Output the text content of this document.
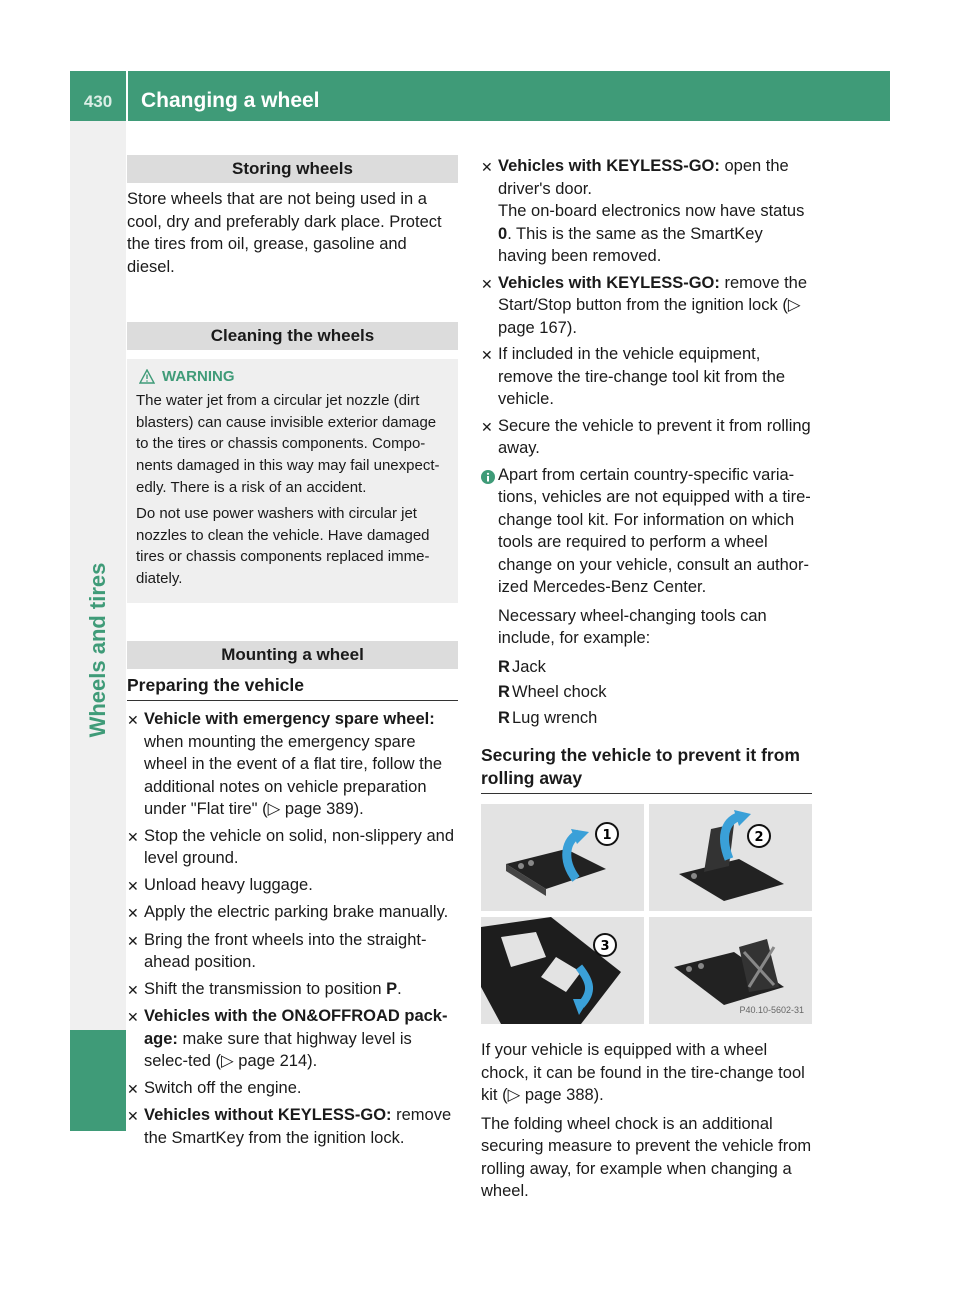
430	Changing a wheel
Wheels and tires
Storing wheels

Store wheels that are not being used in a cool, dry and preferably dark place. Protect the tires from oil, grease, gasoline and diesel.

Cleaning the wheels
WARNING

The water jet from a circular jet nozzle (dirt blasters) can cause invisible exterior damage to the tires or chassis components. Compo-nents damaged in this way may fail unexpect-edly. There is a risk of an accident.

Do not use power washers with circular jet nozzles to clean the vehicle. Have damaged tires or chassis components replaced imme-diately.

Mounting a wheel
Preparing the vehicle
✕ Vehicle with emergency spare wheel: when mounting the emergency spare wheel in the event of a flat tire, follow the additional notes on vehicle preparation under "Flat tire" (▷ page 389).
✕ Stop the vehicle on solid, non-slippery and level ground.
✕ Unload heavy luggage.
✕ Apply the electric parking brake manually.
✕ Bring the front wheels into the straight-ahead position.
✕ Shift the transmission to position P.
✕ Vehicles with the ON&OFFROAD pack-age: make sure that highway level is selec-ted (▷ page 214).
✕ Switch off the engine.
✕ Vehicles without KEYLESS-GO: remove the SmartKey from the ignition lock.
✕ Vehicles with KEYLESS-GO: open the driver's door.
The on-board electronics now have status 0. This is the same as the SmartKey having been removed.
✕ Vehicles with KEYLESS-GO: remove the Start/Stop button from the ignition lock (▷ page 167).
✕ If included in the vehicle equipment, remove the tire-change tool kit from the vehicle.
✕ Secure the vehicle to prevent it from rolling away.

Apart from certain country-specific varia-tions, vehicles are not equipped with a tire-change tool kit. For information on which tools are required to perform a wheel change on your vehicle, consult an author-ized Mercedes-Benz Center.

Necessary wheel-changing tools can include, for example:

R Jack
R Wheel chock
R Lug wrench
Securing the vehicle to prevent it from rolling away
1	2
3
P40.10-5602-31

If your vehicle is equipped with a wheel chock, it can be found in the tire-change tool kit (▷ page 388).

The folding wheel chock is an additional securing measure to prevent the vehicle from rolling away, for example when changing a wheel.
